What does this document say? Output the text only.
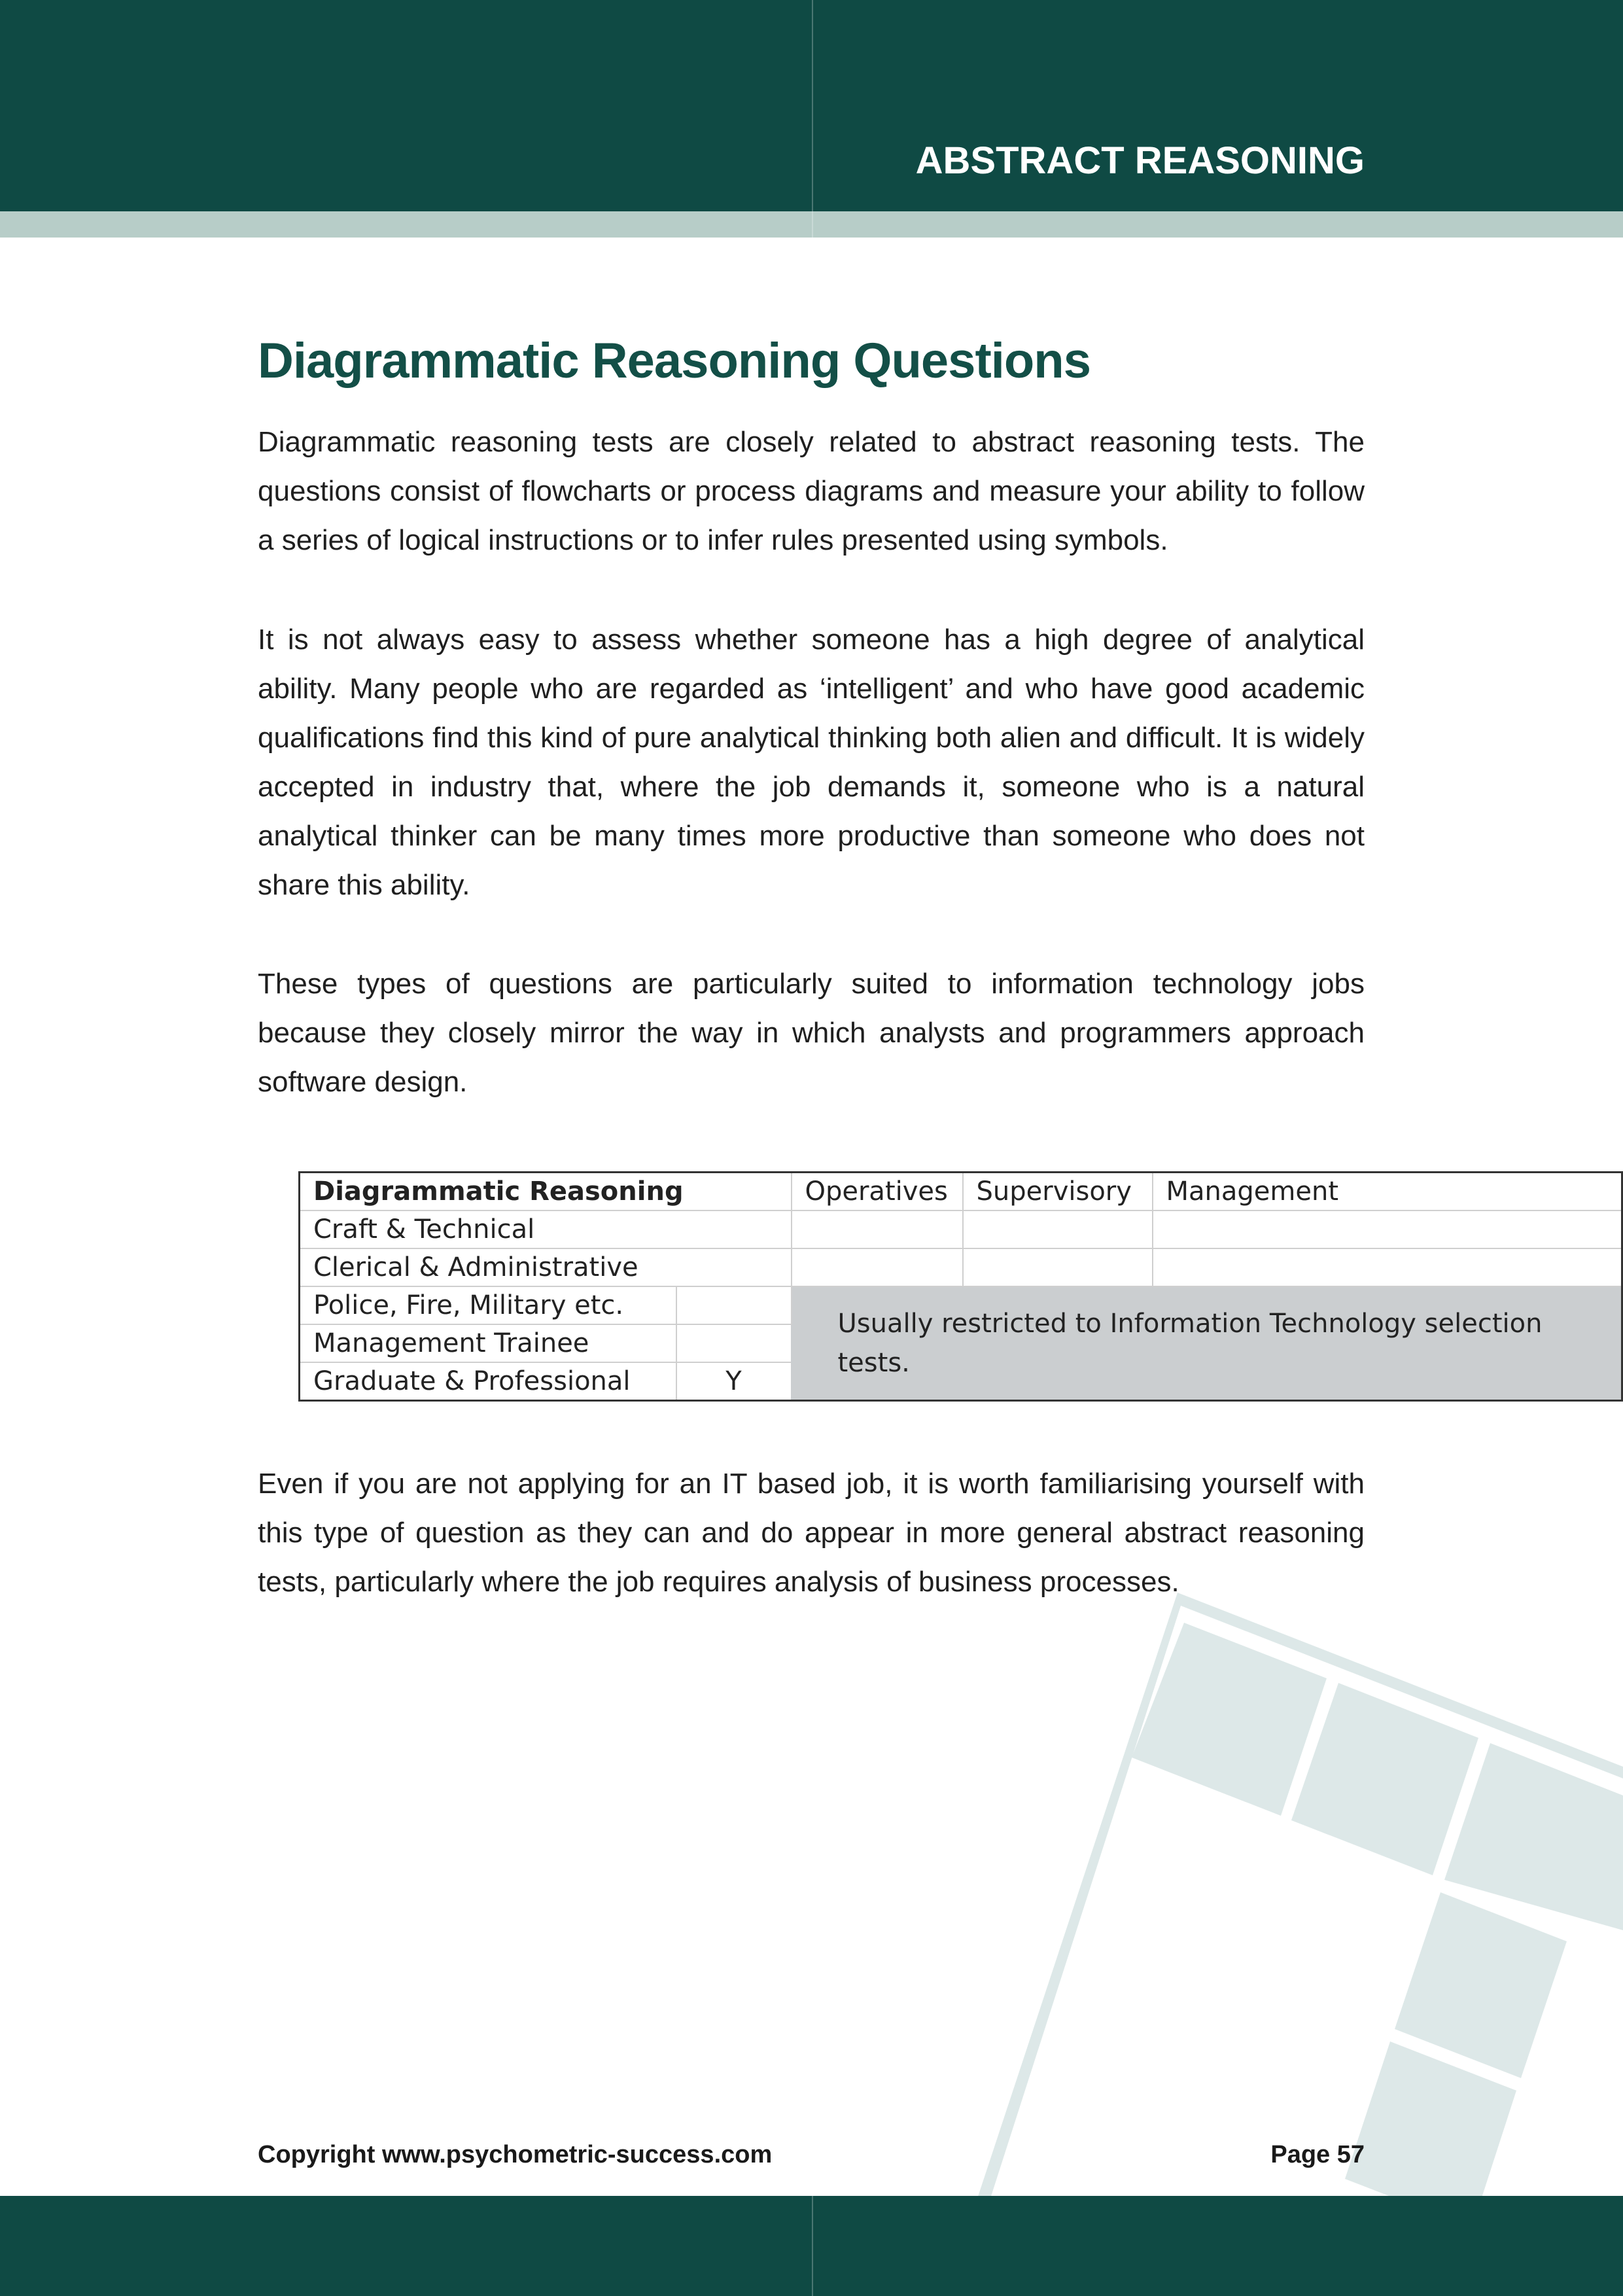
ABSTRACT REASONING
Diagrammatic Reasoning Questions

Diagrammatic reasoning tests are closely related to abstract reasoning tests. The questions consist of flowcharts or process diagrams and measure your ability to follow a series of logical instructions or to infer rules presented using symbols.

It is not always easy to assess whether someone has a high degree of analytical ability. Many people who are regarded as ‘intelligent’ and who have good academic qualifications find this kind of pure analytical thinking both alien and difficult. It is widely accepted in industry that, where the job demands it, someone who is a natural analytical thinker can be many times more productive than someone who does not share this ability.

These types of questions are particularly suited to information technology jobs because they closely mirror the way in which analysts and programmers approach software design.

Diagrammatic Reasoning		Operatives	Supervisory	Management
Craft & Technical				
Clerical & Administrative				
Police, Fire, Military etc.		Usually restricted to Information Technology selection tests.		
Management Trainee				
Graduate & Professional	Y			

Even if you are not applying for an IT based job, it is worth familiarising yourself with this type of question as they can and do appear in more general abstract reasoning tests, particularly where the job requires analysis of business processes.

Copyright www.psychometric-success.com	Page 57
